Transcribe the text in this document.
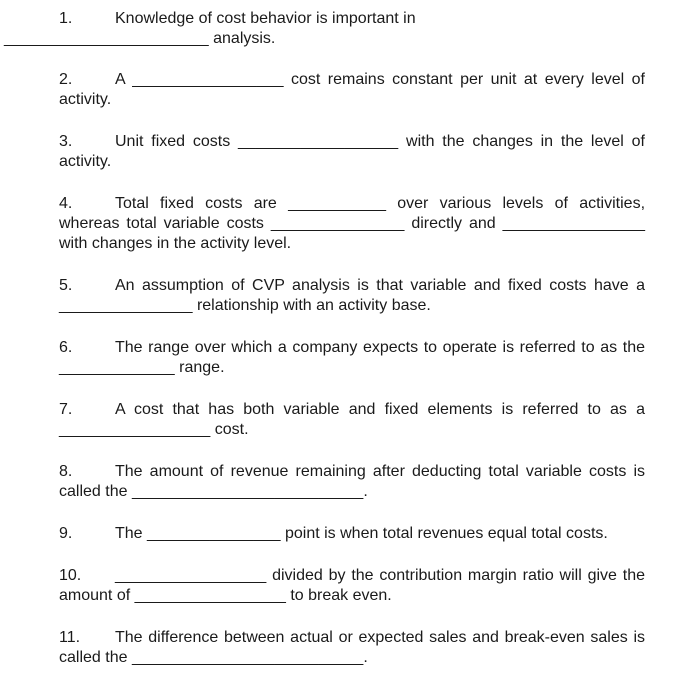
1.	Knowledge of cost behavior is important in
_______________________ analysis.

2.	A _________________ cost remains constant per unit at every level of activity.

3.	Unit fixed costs __________________ with the changes in the level of activity.

4.	Total fixed costs are ___________ over various levels of activities, whereas total variable costs _______________ directly and ________________ with changes in the activity level.

5.	An assumption of CVP analysis is that variable and fixed costs have a _______________ relationship with an activity base.

6.	The range over which a company expects to operate is referred to as the _____________ range.

7.	A cost that has both variable and fixed elements is referred to as a _________________ cost.

8.	The amount of revenue remaining after deducting total variable costs is called the __________________________.

9.	The _______________ point is when total revenues equal total costs.

10. _________________ divided by the contribution margin ratio will give the amount of _________________ to break even.

11. The difference between actual or expected sales and break-even sales is called the __________________________.
